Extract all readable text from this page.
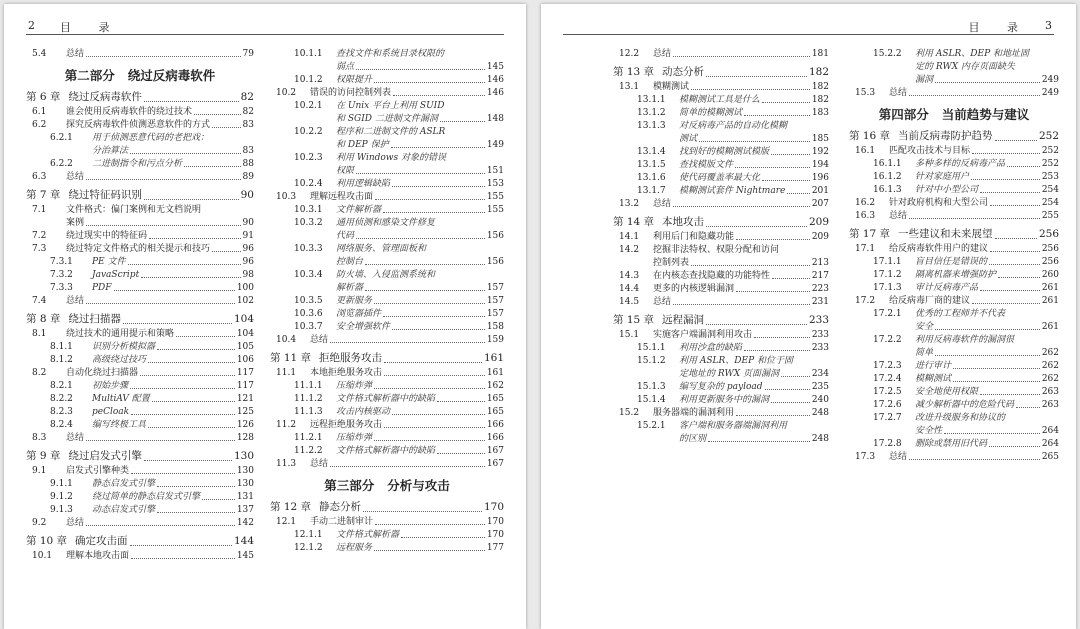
2 目 录
5.4	总结	79
第二部分   绕过反病毒软件
第 6 章 绕过反病毒软件	82
6.1	谁会使用反病毒软件的绕过技术	82
6.2	探究反病毒软件侦测恶意软件的方式	83
6.2.1	用于侦测恶意代码的老把戏：
分治算法	83
6.2.2	二进制指令和污点分析	88
6.3	总结	89
第 7 章 绕过特征码识别	90
7.1	文件格式：偏门案例和无文档说明
案例	90
7.2	绕过现实中的特征码	91
7.3	绕过特定文件格式的相关提示和技巧	96
7.3.1	PE 文件	96
7.3.2	JavaScript	98
7.3.3	PDF	100
7.4	总结	102
第 8 章 绕过扫描器	104
8.1	绕过技术的通用提示和策略	104
8.1.1	识别分析模拟器	105
8.1.2	高级绕过技巧	106
8.2	自动化绕过扫描器	117
8.2.1	初始步骤	117
8.2.2	MultiAV 配置	121
8.2.3	peCloak	125
8.2.4	编写终极工具	126
8.3	总结	128
第 9 章 绕过启发式引擎	130
9.1	启发式引擎种类	130
9.1.1	静态启发式引擎	130
9.1.2	绕过简单的静态启发式引擎	131
9.1.3	动态启发式引擎	137
9.2	总结	142
第 10 章 确定攻击面	144
10.1	理解本地攻击面	145
10.1.1	查找文件和系统目录权限的
弱点	145
10.1.2	权限提升	146
10.2	错误的访问控制列表	146
10.2.1	在 Unix 平台上利用 SUID
和 SGID 二进制文件漏洞	148
10.2.2	程序和二进制文件的 ASLR
和 DEP 保护	149
10.2.3	利用 Windows 对象的错误
权限	151
10.2.4	利用逻辑缺陷	153
10.3	理解远程攻击面	155
10.3.1	文件解析器	155
10.3.2	通用侦测和感染文件修复
代码	156
10.3.3	网络服务、管理面板和
控制台	156
10.3.4	防火墙、入侵监测系统和
解析器	157
10.3.5	更新服务	157
10.3.6	浏览器插件	157
10.3.7	安全增强软件	158
10.4	总结	159
第 11 章 拒绝服务攻击	161
11.1	本地拒绝服务攻击	161
11.1.1	压缩炸弹	162
11.1.2	文件格式解析器中的缺陷	165
11.1.3	攻击内核驱动	165
11.2	远程拒绝服务攻击	166
11.2.1	压缩炸弹	166
11.2.2	文件格式解析器中的缺陷	167
11.3	总结	167
第三部分   分析与攻击
第 12 章 静态分析	170
12.1	手动二进制审计	170
12.1.1	文件格式解析器	170
12.1.2	远程服务	177
目 录 3
12.2	总结	181
第 13 章 动态分析	182
13.1	模糊测试	182
13.1.1	模糊测试工具是什么	182
13.1.2	简单的模糊测试	183
13.1.3	对反病毒产品的自动化模糊
测试	185
13.1.4	找到好的模糊测试模版	192
13.1.5	查找模版文件	194
13.1.6	使代码覆盖率最大化	196
13.1.7	模糊测试套件 Nightmare	201
13.2	总结	207
第 14 章 本地攻击	209
14.1	利用后门和隐藏功能	209
14.2	挖掘非法特权、权限分配和访问
控制列表	213
14.3	在内核态查找隐藏的功能特性	217
14.4	更多的内核逻辑漏洞	223
14.5	总结	231
第 15 章 远程漏洞	233
15.1	实施客户端漏洞利用攻击	233
15.1.1	利用沙盒的缺陷	233
15.1.2	利用 ASLR、DEP 和位于固
定地址的 RWX 页面漏洞	234
15.1.3	编写复杂的 payload	235
15.1.4	利用更新服务中的漏洞	240
15.2	服务器端的漏洞利用	248
15.2.1	客户端和服务器端漏洞利用
的区别	248
15.2.2	利用 ASLR、DEP 和地址固
定的 RWX 内存页面缺失
漏洞	249
15.3	总结	249
第四部分   当前趋势与建议
第 16 章 当前反病毒防护趋势	252
16.1	匹配攻击技术与目标	252
16.1.1	多种多样的反病毒产品	252
16.1.2	针对家庭用户	253
16.1.3	针对中小型公司	254
16.2	针对政府机构和大型公司	254
16.3	总结	255
第 17 章 一些建议和未来展望	256
17.1	给反病毒软件用户的建议	256
17.1.1	盲目信任是错误的	256
17.1.2	隔离机器来增强防护	260
17.1.3	审计反病毒产品	261
17.2	给反病毒厂商的建议	261
17.2.1	优秀的工程师并不代表
安全	261
17.2.2	利用反病毒软件的漏洞很
简单	262
17.2.3	进行审计	262
17.2.4	模糊测试	262
17.2.5	安全地使用权限	263
17.2.6	减少解析器中的危险代码	263
17.2.7	改进升级服务和协议的
安全性	264
17.2.8	删除或禁用旧代码	264
17.3	总结	265
